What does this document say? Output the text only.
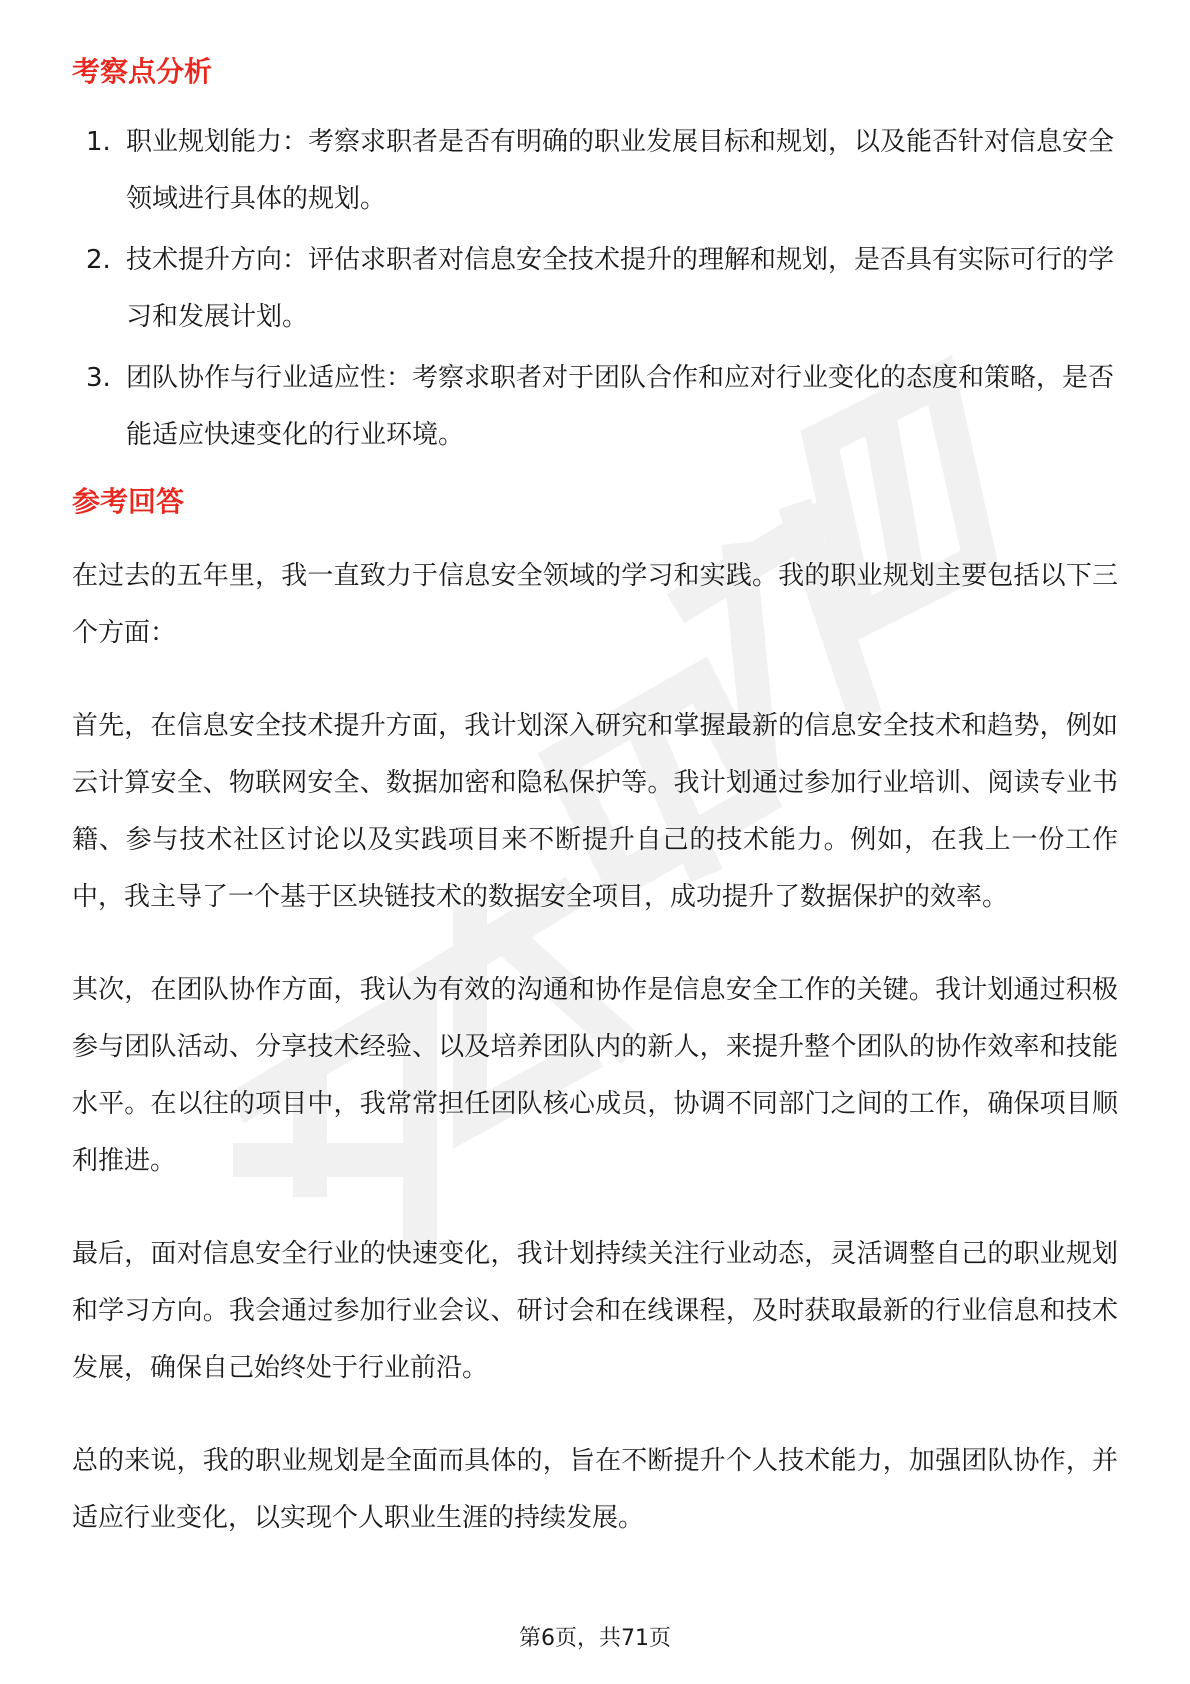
考察点分析
1. 职业规划能力：考察求职者是否有明确的职业发展目标和规划，以及能否针对信息安全领域进行具体的规划。
2. 技术提升方向：评估求职者对信息安全技术提升的理解和规划，是否具有实际可行的学习和发展计划。
3. 团队协作与行业适应性：考察求职者对于团队合作和应对行业变化的态度和策略，是否能适应快速变化的行业环境。
参考回答

在过去的五年里，我一直致力于信息安全领域的学习和实践。我的职业规划主要包括以下三个方面：

首先，在信息安全技术提升方面，我计划深入研究和掌握最新的信息安全技术和趋势，例如云计算安全、物联网安全、数据加密和隐私保护等。我计划通过参加行业培训、阅读专业书籍、参与技术社区讨论以及实践项目来不断提升自己的技术能力。例如，在我上一份工作中，我主导了一个基于区块链技术的数据安全项目，成功提升了数据保护的效率。

其次，在团队协作方面，我认为有效的沟通和协作是信息安全工作的关键。我计划通过积极参与团队活动、分享技术经验、以及培养团队内的新人，来提升整个团队的协作效率和技能水平。在以往的项目中，我常常担任团队核心成员，协调不同部门之间的工作，确保项目顺利推进。

最后，面对信息安全行业的快速变化，我计划持续关注行业动态，灵活调整自己的职业规划和学习方向。我会通过参加行业会议、研讨会和在线课程，及时获取最新的行业信息和技术发展，确保自己始终处于行业前沿。

总的来说，我的职业规划是全面而具体的，旨在不断提升个人技术能力，加强团队协作，并适应行业变化，以实现个人职业生涯的持续发展。

第6页，共71页
